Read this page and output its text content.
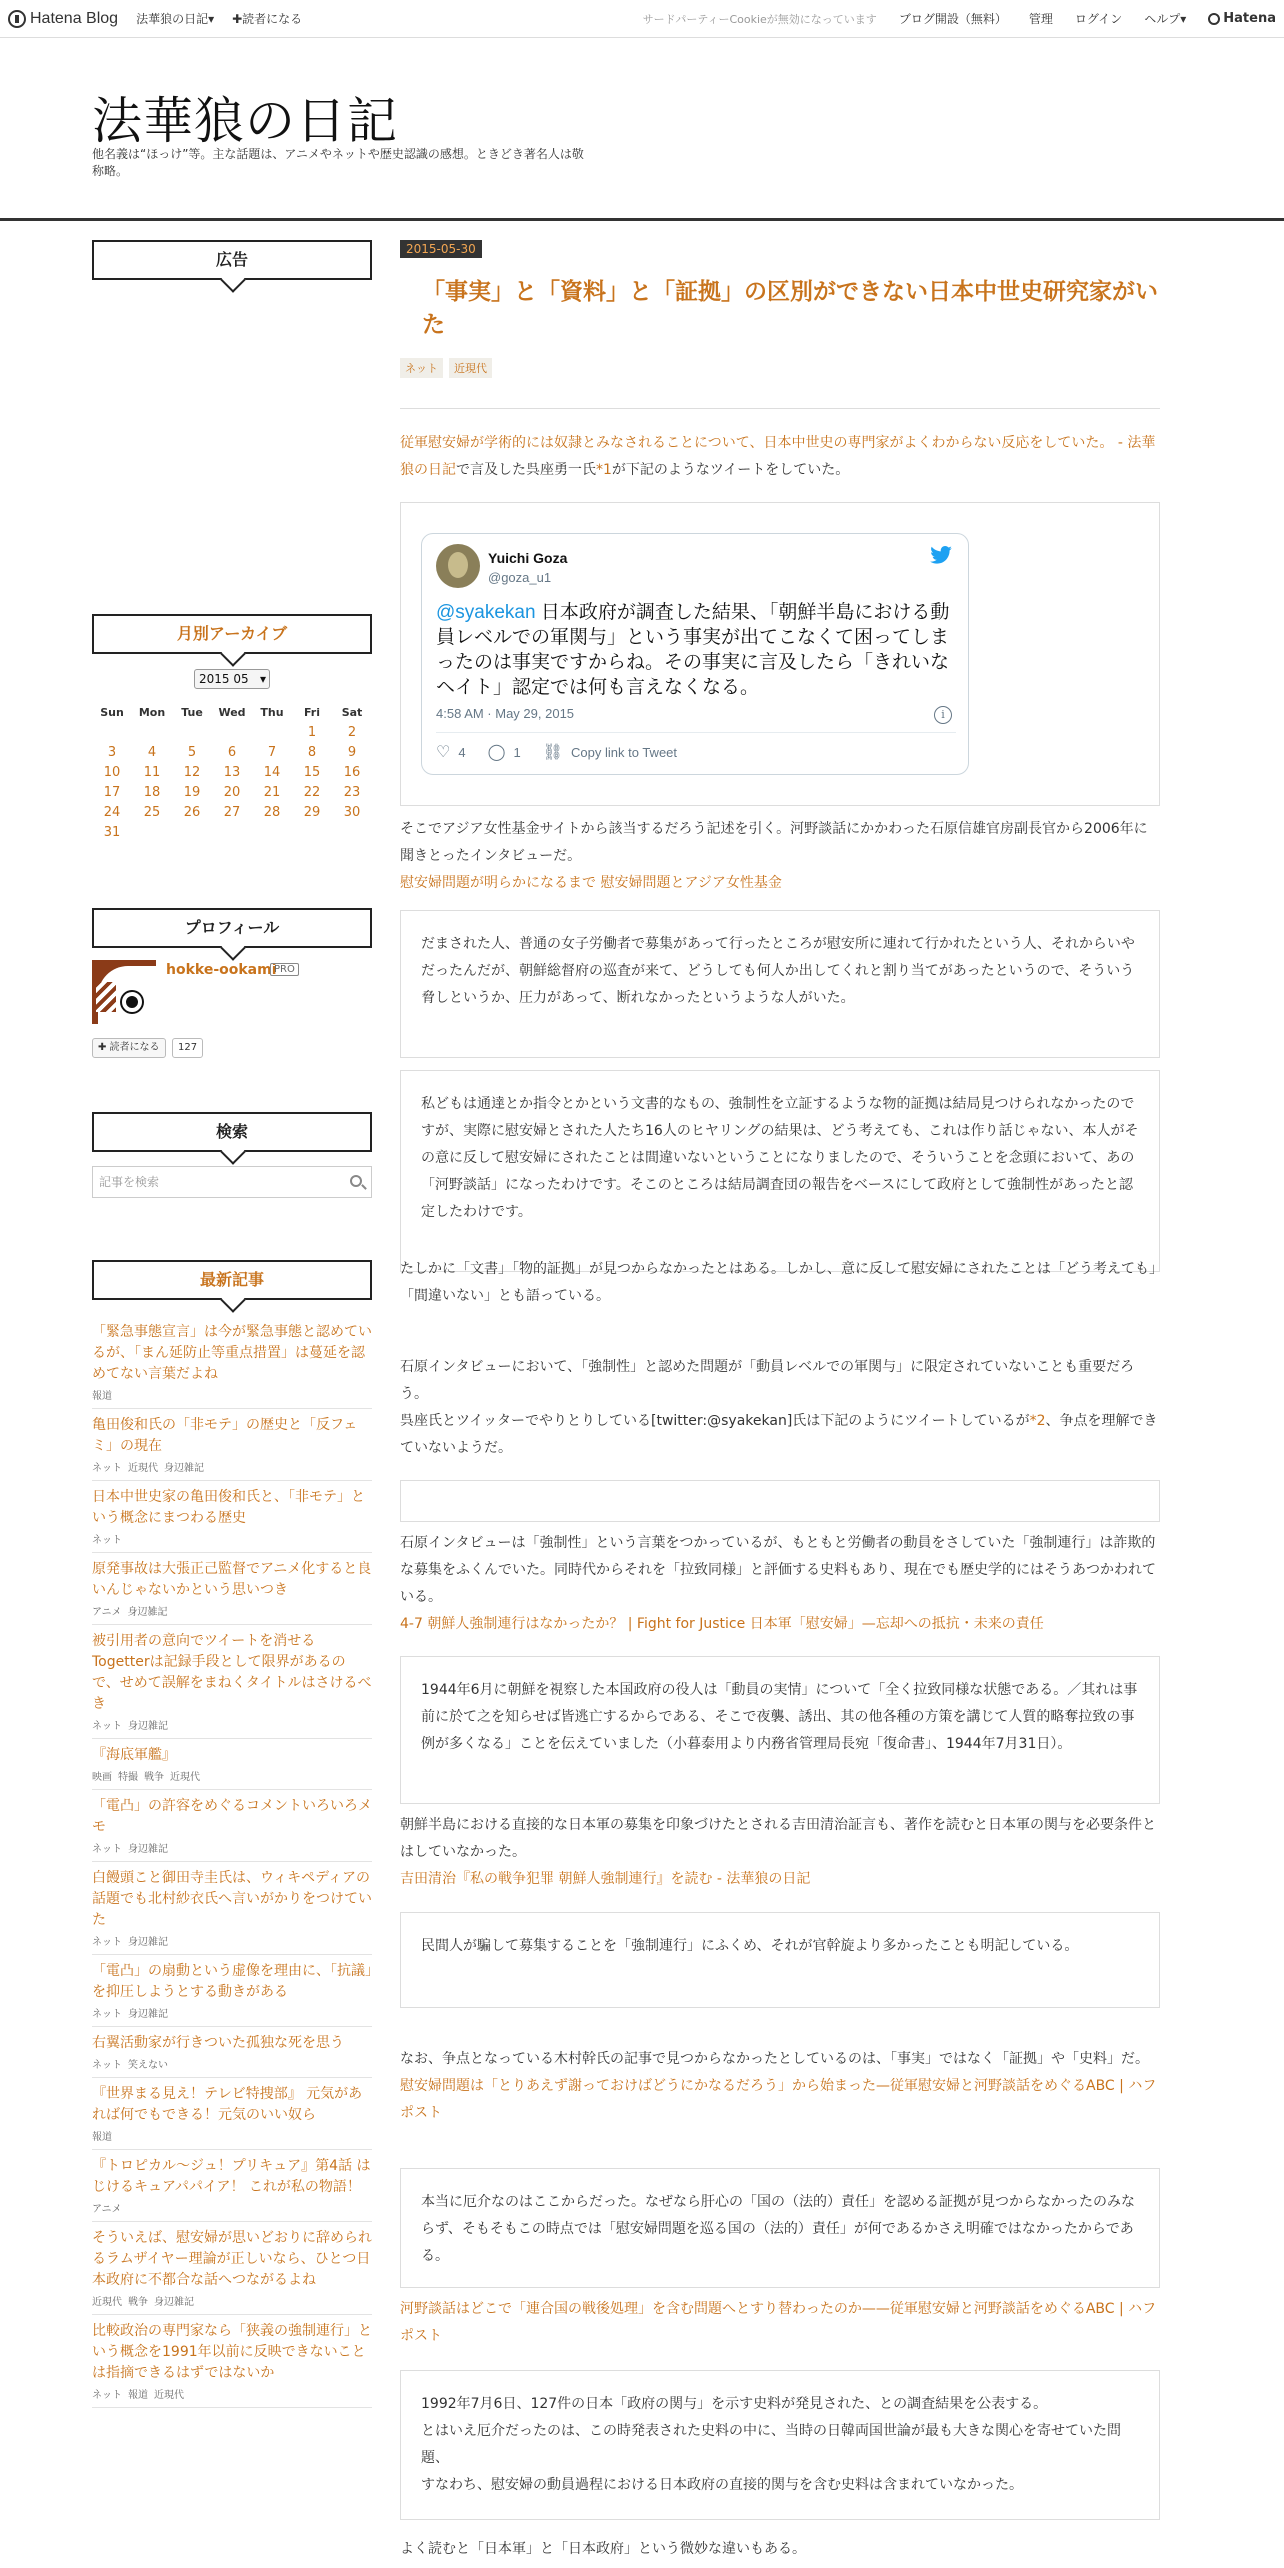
Hatena Blog 法華狼の日記▾ ✚読者になる	サードパーティーCookieが無効になっています ブログ開設（無料） 管理 ログイン ヘルプ▾	Hatena
法華狼の日記
他名義は“ほっけ”等。主な話題は、アニメやネットや歴史認識の感想。ときどき著名人は敬称略。
広告
月別アーカイブ
2015 05 ▾
Sun	Mon	Tue	Wed	Thu	Fri	Sat
					1	2
3	4	5	6	7	8	9
10	11	12	13	14	15	16
17	18	19	20	21	22	23
24	25	26	27	28	29	30
31						
プロフィール
hokke-ookami
PRO
✚ 読者になる	127
検索
記事を検索
最新記事
「緊急事態宣言」は今が緊急事態と認めているが、「まん延防止等重点措置」は蔓延を認めてない言葉だよね
報道
亀田俊和氏の「非モテ」の歴史と「反フェミ」の現在
ネット 近現代 身辺雑記
日本中世史家の亀田俊和氏と、「非モテ」という概念にまつわる歴史
ネット
原発事故は大張正己監督でアニメ化すると良いんじゃないかという思いつき
アニメ 身辺雑記
被引用者の意向でツイートを消せるTogetterは記録手段として限界があるので、せめて誤解をまねくタイトルはさけるべき
ネット 身辺雑記
『海底軍艦』
映画 特撮 戦争 近現代
「電凸」の許容をめぐるコメントいろいろメモ
ネット 身辺雑記
白饅頭こと御田寺圭氏は、ウィキペディアの話題でも北村紗衣氏へ言いがかりをつけていた
ネット 身辺雑記
「電凸」の扇動という虚像を理由に、「抗議」を抑圧しようとする動きがある
ネット 身辺雑記
右翼活動家が行きついた孤独な死を思う
ネット 笑えない
『世界まる見え！テレビ特捜部』 元気があれば何でもできる！元気のいい奴ら
報道
『トロピカル～ジュ！プリキュア』第4話 はじけるキュアパパイア！ これが私の物語！
アニメ
そういえば、慰安婦が思いどおりに辞められるラムザイヤー理論が正しいなら、ひとつ日本政府に不都合な話へつながるよね
近現代 戦争 身辺雑記
比較政治の専門家なら「狭義の強制連行」という概念を1991年以前に反映できないことは指摘できるはずではないか
ネット 報道 近現代
2015-05-30
「事実」と「資料」と「証拠」の区別ができない日本中世史研究家がいた
ネット	近現代
従軍慰安婦が学術的には奴隷とみなされることについて、日本中世史の専門家がよくわからない反応をしていた。 - 法華狼の日記で言及した呉座勇一氏*1が下記のようなツイートをしていた。
Yuichi Goza
@goza_u1
@syakekan 日本政府が調査した結果、「朝鮮半島における動員レベルでの軍関与」という事実が出てこなくて困ってしまったのは事実ですからね。その事実に言及したら「きれいなヘイト」認定では何も言えなくなる。
4:58 AM · May 29, 2015	i
♡ 4 ◯ 1 ⛓ Copy link to Tweet
そこでアジア女性基金サイトから該当するだろう記述を引く。河野談話にかかわった石原信雄官房副長官から2006年に聞きとったインタビューだ。
慰安婦問題が明らかになるまで 慰安婦問題とアジア女性基金
だまされた人、普通の女子労働者で募集があって行ったところが慰安所に連れて行かれたという人、それからいやだったんだが、朝鮮総督府の巡査が来て、どうしても何人か出してくれと割り当てがあったというので、そういう脅しというか、圧力があって、断れなかったというような人がいた。
私どもは通達とか指令とかという文書的なもの、強制性を立証するような物的証拠は結局見つけられなかったのですが、実際に慰安婦とされた人たち16人のヒヤリングの結果は、どう考えても、これは作り話じゃない、本人がその意に反して慰安婦にされたことは間違いないということになりましたので、そういうことを念頭において、あの「河野談話」になったわけです。そこのところは結局調査団の報告をベースにして政府として強制性があったと認定したわけです。
たしかに「文書」「物的証拠」が見つからなかったとはある。しかし、意に反して慰安婦にされたことは「どう考えても」「間違いない」とも語っている。
石原インタビューにおいて、「強制性」と認めた問題が「動員レベルでの軍関与」に限定されていないことも重要だろう。
呉座氏とツイッターでやりとりしている[twitter:@syakekan]氏は下記のようにツイートしているが*2、争点を理解できていないようだ。
石原インタビューは「強制性」という言葉をつかっているが、もともと労働者の動員をさしていた「強制連行」は詐欺的な募集をふくんでいた。同時代からそれを「拉致同様」と評価する史料もあり、現在でも歴史学的にはそうあつかわれている。
4-7 朝鮮人強制連行はなかったか？ | Fight for Justice 日本軍「慰安婦」—忘却への抵抗・未来の責任
1944年6月に朝鮮を視察した本国政府の役人は「動員の実情」について「全く拉致同様な状態である。／其れは事前に於て之を知らせば皆逃亡するからである、そこで夜襲、誘出、其の他各種の方策を講じて人質的略奪拉致の事例が多くなる」ことを伝えていました（小暮泰用より内務省管理局長宛「復命書」、1944年7月31日）。
朝鮮半島における直接的な日本軍の募集を印象づけたとされる吉田清治証言も、著作を読むと日本軍の関与を必要条件とはしていなかった。
吉田清治『私の戦争犯罪 朝鮮人強制連行』を読む - 法華狼の日記
民間人が騙して募集することを「強制連行」にふくめ、それが官幹旋より多かったことも明記している。
なお、争点となっている木村幹氏の記事で見つからなかったとしているのは、「事実」ではなく「証拠」や「史料」だ。
慰安婦問題は「とりあえず謝っておけばどうにかなるだろう」から始まった—従軍慰安婦と河野談話をめぐるABC | ハフポスト
本当に厄介なのはここからだった。なぜなら肝心の「国の（法的）責任」を認める証拠が見つからなかったのみならず、そもそもこの時点では「慰安婦問題を巡る国の（法的）責任」が何であるかさえ明確ではなかったからである。
河野談話はどこで「連合国の戦後処理」を含む問題へとすり替わったのか——従軍慰安婦と河野談話をめぐるABC | ハフポスト
1992年7月6日、127件の日本「政府の関与」を示す史料が発見された、との調査結果を公表する。
とはいえ厄介だったのは、この時発表された史料の中に、当時の日韓両国世論が最も大きな関心を寄せていた問題、
すなわち、慰安婦の動員過程における日本政府の直接的関与を含む史料は含まれていなかった。
よく読むと「日本軍」と「日本政府」という微妙な違いもある。
